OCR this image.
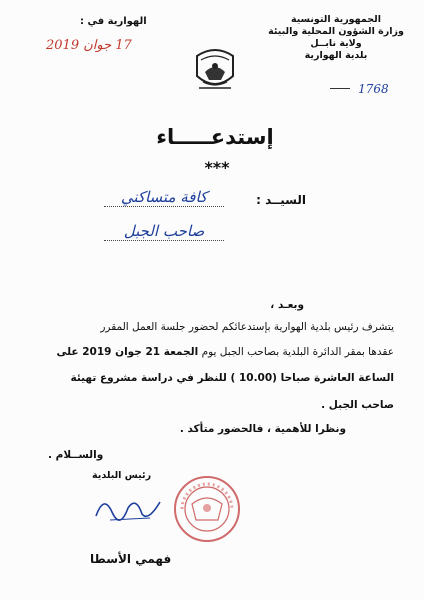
الجمهورية التونسية
وزارة الشؤون المحلية والبيئة
ولاية نابــل
بلدية الهوارية
الهوارية في :
17 جوان 2019
1768
إستدعـــــاء
***
السيــد :
كافة متساكني
صاحب الجبل
وبعـد ،
يتشرف رئيس بلدية الهوارية بإستدعائكم لحضور جلسة العمل المقرر
عقدها بمقر الدائرة البلدية بصاحب الجبل يوم الجمعة 21 جوان 2019 على
الساعة العاشرة صباحا (10.00 ) للنظر في دراسة مشروع تهيئة
صاحب الجبل .
ونظرا للأهمية ، فالحضور متأكد .
والســلام .
رئيس البلدية
فهمي الأسطا
